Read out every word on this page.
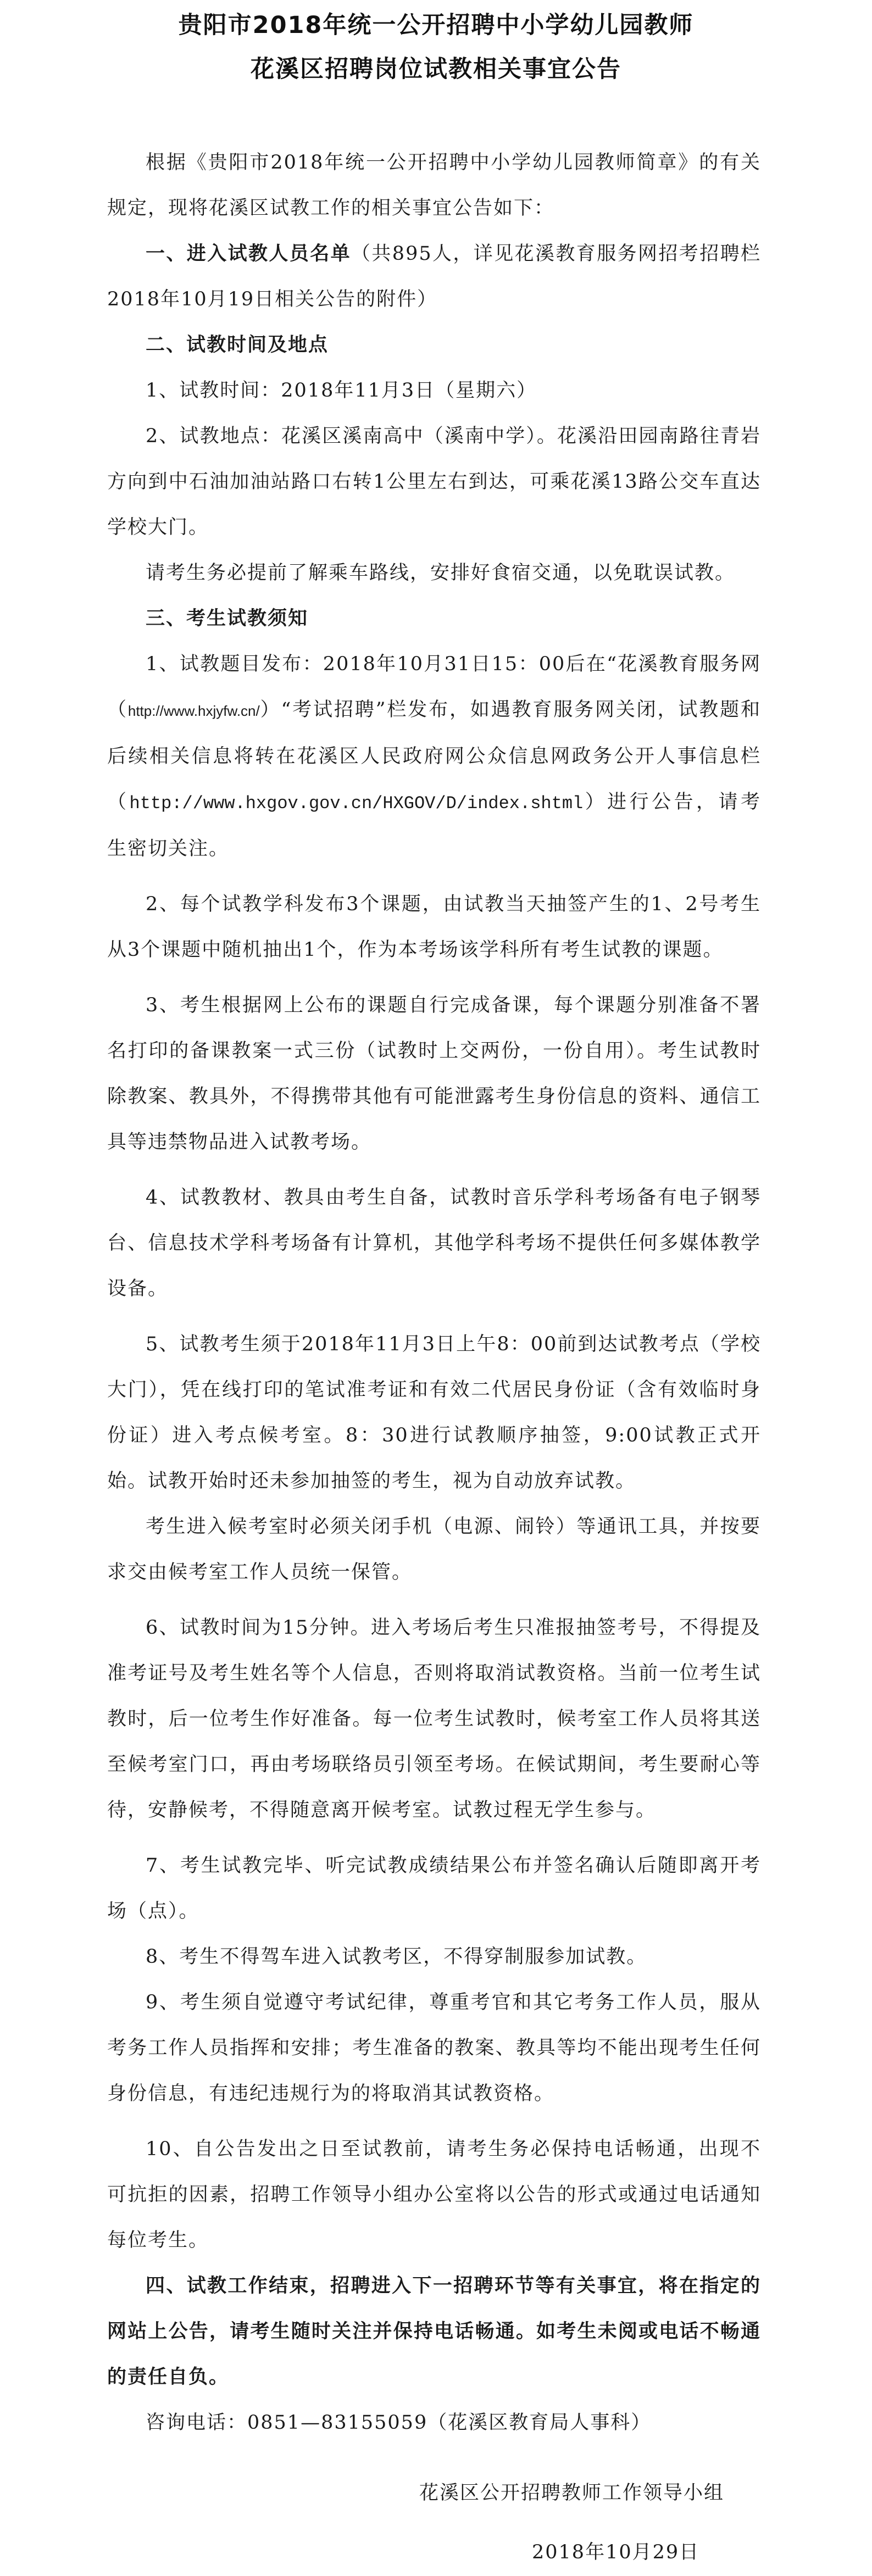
贵阳市2018年统一公开招聘中小学幼儿园教师
花溪区招聘岗位试教相关事宜公告

根据《贵阳市2018年统一公开招聘中小学幼儿园教师简章》的有关规定，现将花溪区试教工作的相关事宜公告如下：

一、进入试教人员名单（共895人，详见花溪教育服务网招考招聘栏2018年10月19日相关公告的附件）

二、试教时间及地点

1、试教时间：2018年11月3日（星期六）

2、试教地点：花溪区溪南高中（溪南中学）。花溪沿田园南路往青岩方向到中石油加油站路口右转1公里左右到达，可乘花溪13路公交车直达学校大门。

请考生务必提前了解乘车路线，安排好食宿交通，以免耽误试教。

三、考生试教须知

1、试教题目发布：2018年10月31日15：00后在“花溪教育服务网（http://www.hxjyfw.cn/）“考试招聘”栏发布，如遇教育服务网关闭，试教题和后续相关信息将转在花溪区人民政府网公众信息网政务公开人事信息栏（http://www.hxgov.gov.cn/HXGOV/D/index.shtml）进行公告，请考生密切关注。

2、每个试教学科发布3个课题，由试教当天抽签产生的1、2号考生从3个课题中随机抽出1个，作为本考场该学科所有考生试教的课题。

3、考生根据网上公布的课题自行完成备课，每个课题分别准备不署名打印的备课教案一式三份（试教时上交两份，一份自用）。考生试教时除教案、教具外，不得携带其他有可能泄露考生身份信息的资料、通信工具等违禁物品进入试教考场。

4、试教教材、教具由考生自备，试教时音乐学科考场备有电子钢琴台、信息技术学科考场备有计算机，其他学科考场不提供任何多媒体教学设备。

5、试教考生须于2018年11月3日上午8：00前到达试教考点（学校大门），凭在线打印的笔试准考证和有效二代居民身份证（含有效临时身份证）进入考点候考室。8：30进行试教顺序抽签，9:00试教正式开始。试教开始时还未参加抽签的考生，视为自动放弃试教。

考生进入候考室时必须关闭手机（电源、闹铃）等通讯工具，并按要求交由候考室工作人员统一保管。

6、试教时间为15分钟。进入考场后考生只准报抽签考号，不得提及准考证号及考生姓名等个人信息，否则将取消试教资格。当前一位考生试教时，后一位考生作好准备。每一位考生试教时，候考室工作人员将其送至候考室门口，再由考场联络员引领至考场。在候试期间，考生要耐心等待，安静候考，不得随意离开候考室。试教过程无学生参与。

7、考生试教完毕、听完试教成绩结果公布并签名确认后随即离开考场（点）。

8、考生不得驾车进入试教考区，不得穿制服参加试教。

9、考生须自觉遵守考试纪律，尊重考官和其它考务工作人员，服从考务工作人员指挥和安排；考生准备的教案、教具等均不能出现考生任何身份信息，有违纪违规行为的将取消其试教资格。

10、自公告发出之日至试教前，请考生务必保持电话畅通，出现不可抗拒的因素，招聘工作领导小组办公室将以公告的形式或通过电话通知每位考生。

四、试教工作结束，招聘进入下一招聘环节等有关事宜，将在指定的网站上公告，请考生随时关注并保持电话畅通。如考生未阅或电话不畅通的责任自负。

咨询电话：0851—83155059（花溪区教育局人事科）

花溪区公开招聘教师工作领导小组
2018年10月29日
